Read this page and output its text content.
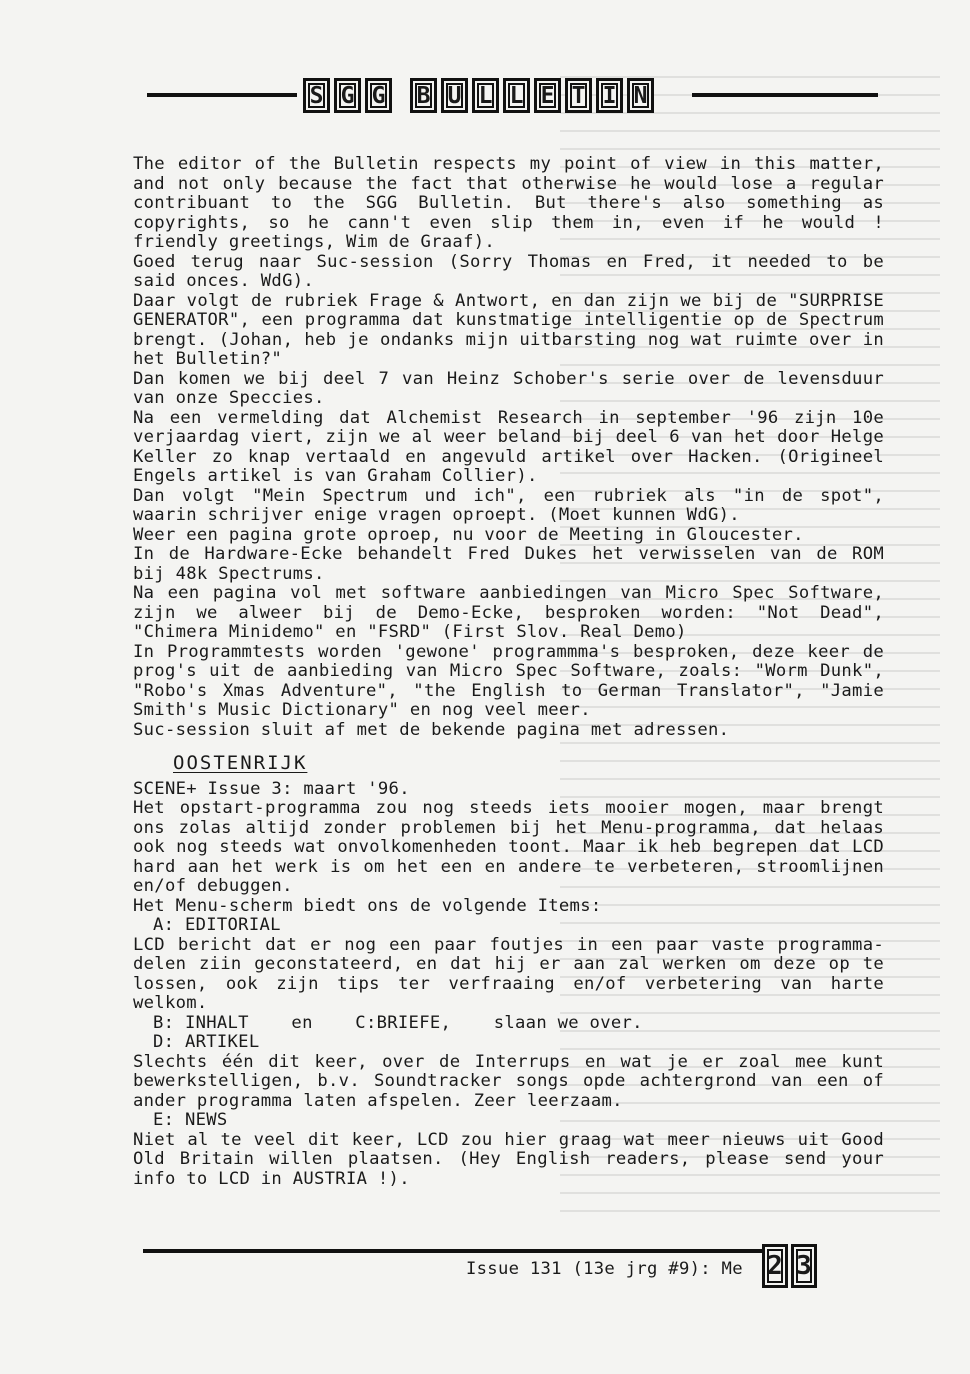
S G G B U L L E T I N

The editor of the Bulletin respects my point of view in this matter, and not only because the fact that otherwise he would lose a regular contribuant to the SGG Bulletin. But there's also something as copyrights, so he cann't even slip them in, even if he would ! friendly greetings, Wim de Graaf).

Goed terug naar Suc-session (Sorry Thomas en Fred, it needed to be said onces. WdG).

Daar volgt de rubriek Frage & Antwort, en dan zijn we bij de "SURPRISE GENERATOR", een programma dat kunstmatige intelligentie op de Spectrum brengt. (Johan, heb je ondanks mijn uitbarsting nog wat ruimte over in het Bulletin?"

Dan komen we bij deel 7 van Heinz Schober's serie over de levensduur van onze Speccies.

Na een vermelding dat Alchemist Research in september '96 zijn 10e verjaardag viert, zijn we al weer beland bij deel 6 van het door Helge Keller zo knap vertaald en angevuld artikel over Hacken. (Origineel Engels artikel is van Graham Collier).

Dan volgt "Mein Spectrum und ich", een rubriek als "in de spot", waarin schrijver enige vragen oproept. (Moet kunnen WdG).

Weer een pagina grote oproep, nu voor de Meeting in Gloucester.

In de Hardware-Ecke behandelt Fred Dukes het verwisselen van de ROM bij 48k Spectrums.

Na een pagina vol met software aanbiedingen van Micro Spec Software, zijn we alweer bij de Demo-Ecke, besproken worden: "Not Dead", "Chimera Minidemo" en "FSRD" (First Slov. Real Demo)

In Programmtests worden 'gewone' programmma's besproken, deze keer de prog's uit de aanbieding van Micro Spec Software, zoals: "Worm Dunk", "Robo's Xmas Adventure", "the English to German Translator", "Jamie Smith's Music Dictionary" en nog veel meer.

Suc-session sluit af met de bekende pagina met adressen.

OOSTENRIJK

SCENE+ Issue 3: maart '96.

Het opstart-programma zou nog steeds iets mooier mogen, maar brengt ons zolas altijd zonder problemen bij het Menu-programma, dat helaas ook nog steeds wat onvolkomenheden toont. Maar ik heb begrepen dat LCD hard aan het werk is om het een en andere te verbeteren, stroomlijnen en/of debuggen.

Het Menu-scherm biedt ons de volgende Items:

A: EDITORIAL

LCD bericht dat er nog een paar foutjes in een paar vaste programma-delen ziin geconstateerd, en dat hij er aan zal werken om deze op te lossen, ook zijn tips ter verfraaing en/of verbetering van harte welkom.

B: INHALT    en    C:BRIEFE,    slaan we over.

D: ARTIKEL

Slechts één dit keer, over de Interrups en wat je er zoal mee kunt bewerkstelligen, b.v. Soundtracker songs opde achtergrond van een of ander programma laten afspelen. Zeer leerzaam.

E: NEWS

Niet al te veel dit keer, LCD zou hier graag wat meer nieuws uit Good Old Britain willen plaatsen. (Hey English readers, please send your info to LCD in AUSTRIA !).

Issue 131 (13e jrg #9): Me 2 3
